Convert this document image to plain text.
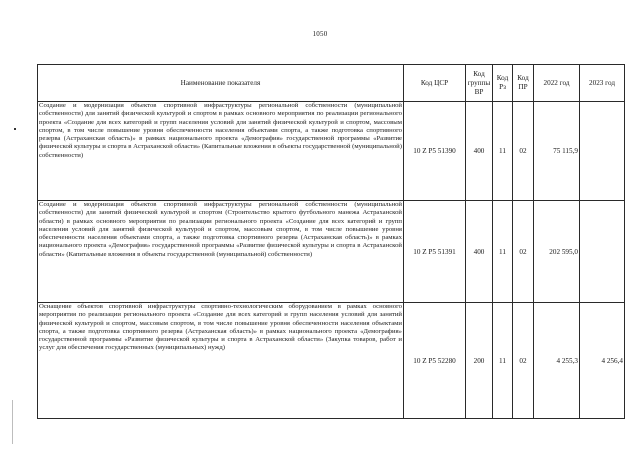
1050
Наименование показателя	Код ЦСР	Код группы ВР	Код Рз	Код ПР	2022 год	2023 год
Создание и модернизация объектов спортивной инфраструктуры региональной собственности (муниципальной собственности) для занятий физической культурой и спортом в рамках основного мероприятия по реализации регионального проекта «Создание для всех категорий и групп населения условий для занятий физической культурой и спортом, массовым спортом, в том числе повышение уровня обеспеченности населения объектами спорта, а также подготовка спортивного резерва (Астраханская область)» в рамках национального проекта «Демография» государственной программы «Развитие физической культуры и спорта в Астраханской области» (Капитальные вложения в объекты государственной (муниципальной) собственности)	10 Z P5 51390	400	11	02	75 115,9	
Создание и модернизация объектов спортивной инфраструктуры региональной собственности (муниципальной собственности) для занятий физической культурой и спортом (Строительство крытого футбольного манежа Астраханской области) в рамках основного мероприятия по реализации регионального проекта «Создание для всех категорий и групп населения условий для занятий физической культурой и спортом, массовым спортом, в том числе повышение уровня обеспеченности населения объектами спорта, а также подготовка спортивного резерва (Астраханская область)» в рамках национального проекта «Демография» государственной программы «Развитие физической культуры и спорта в Астраханской области» (Капитальные вложения в объекты государственной (муниципальной) собственности)	10 Z P5 51391	400	11	02	202 595,0	
Оснащение объектов спортивной инфраструктуры спортивно-технологическим оборудованием в рамках основного мероприятия по реализации регионального проекта «Создание для всех категорий и групп населения условий для занятий физической культурой и спортом, массовым спортом, в том числе повышение уровня обеспеченности населения объектами спорта, а также подготовка спортивного резерва (Астраханская область)» в рамках национального проекта «Демография» государственной программы «Развитие физической культуры и спорта в Астраханской области» (Закупка товаров, работ и услуг для обеспечения государственных (муниципальных) нужд)	10 Z P5 52280	200	11	02	4 255,3	4 256,4
